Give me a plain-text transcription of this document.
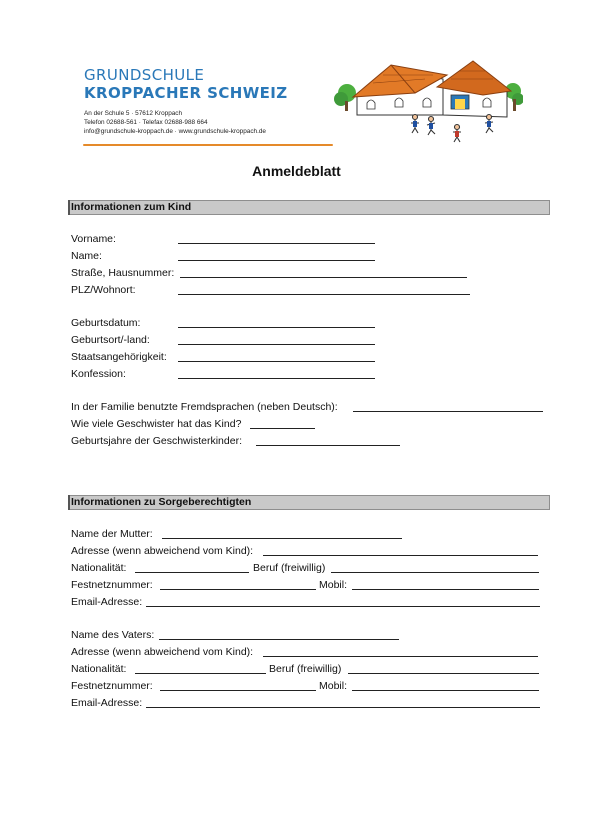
GRUNDSCHULE
KROPPACHER SCHWEIZ
An der Schule 5 · 57612 Kroppach
Telefon 02688-561 · Telefax 02688-988 664
info@grundschule-kroppach.de · www.grundschule-kroppach.de
Anmeldeblatt
Informationen zum Kind
Vorname:
Name:
Straße, Hausnummer:
PLZ/Wohnort:
Geburtsdatum:
Geburtsort/-land:
Staatsangehörigkeit:
Konfession:
In der Familie benutzte Fremdsprachen (neben Deutsch):
Wie viele Geschwister hat das Kind?
Geburtsjahre der Geschwisterkinder:
Informationen zu Sorgeberechtigten
Name der Mutter:
Adresse (wenn abweichend vom Kind):
Nationalität:	Beruf (freiwillig)
Festnetznummer:	Mobil:
Email-Adresse:
Name des Vaters:
Adresse (wenn abweichend vom Kind):
Nationalität:	Beruf (freiwillig)
Festnetznummer:	Mobil:
Email-Adresse:
